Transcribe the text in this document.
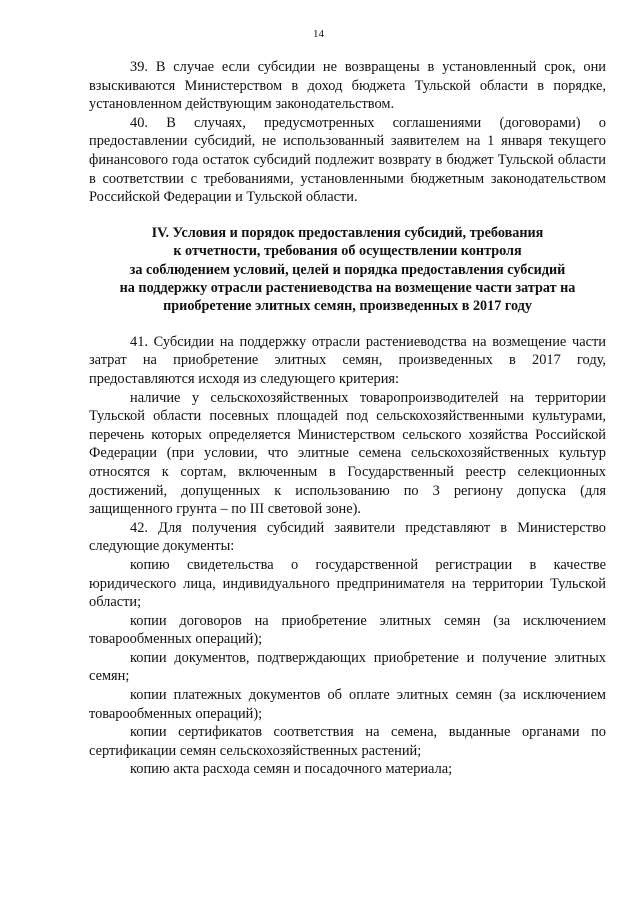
14

39. В случае если субсидии не возвращены в установленный срок, они взыскиваются Министерством в доход бюджета Тульской области в порядке, установленном действующим законодательством.

40. В случаях, предусмотренных соглашениями (договорами) о предоставлении субсидий, не использованный заявителем на 1 января текущего финансового года остаток субсидий подлежит возврату в бюджет Тульской области в соответствии с требованиями, установленными бюджетным законодательством Российской Федерации и Тульской области.

IV. Условия и порядок предоставления субсидий, требования
к отчетности, требования об осуществлении контроля
за соблюдением условий, целей и порядка предоставления субсидий
на поддержку отрасли растениеводства на возмещение части затрат на
приобретение элитных семян, произведенных в 2017 году

41. Субсидии на поддержку отрасли растениеводства на возмещение части затрат на приобретение элитных семян, произведенных в 2017 году, предоставляются исходя из следующего критерия:

наличие у сельскохозяйственных товаропроизводителей на территории Тульской области посевных площадей под сельскохозяйственными культурами, перечень которых определяется Министерством сельского хозяйства Российской Федерации (при условии, что элитные семена сельскохозяйственных культур относятся к сортам, включенным в Государственный реестр селекционных достижений, допущенных к использованию по 3 региону допуска (для защищенного грунта – по III световой зоне).

42. Для получения субсидий заявители представляют в Министерство следующие документы:

копию свидетельства о государственной регистрации в качестве юридического лица, индивидуального предпринимателя на территории Тульской области;

копии договоров на приобретение элитных семян (за исключением товарообменных операций);

копии документов, подтверждающих приобретение и получение элитных семян;

копии платежных документов об оплате элитных семян (за исключением товарообменных операций);

копии сертификатов соответствия на семена, выданные органами по сертификации семян сельскохозяйственных растений;

копию акта расхода семян и посадочного материала;
